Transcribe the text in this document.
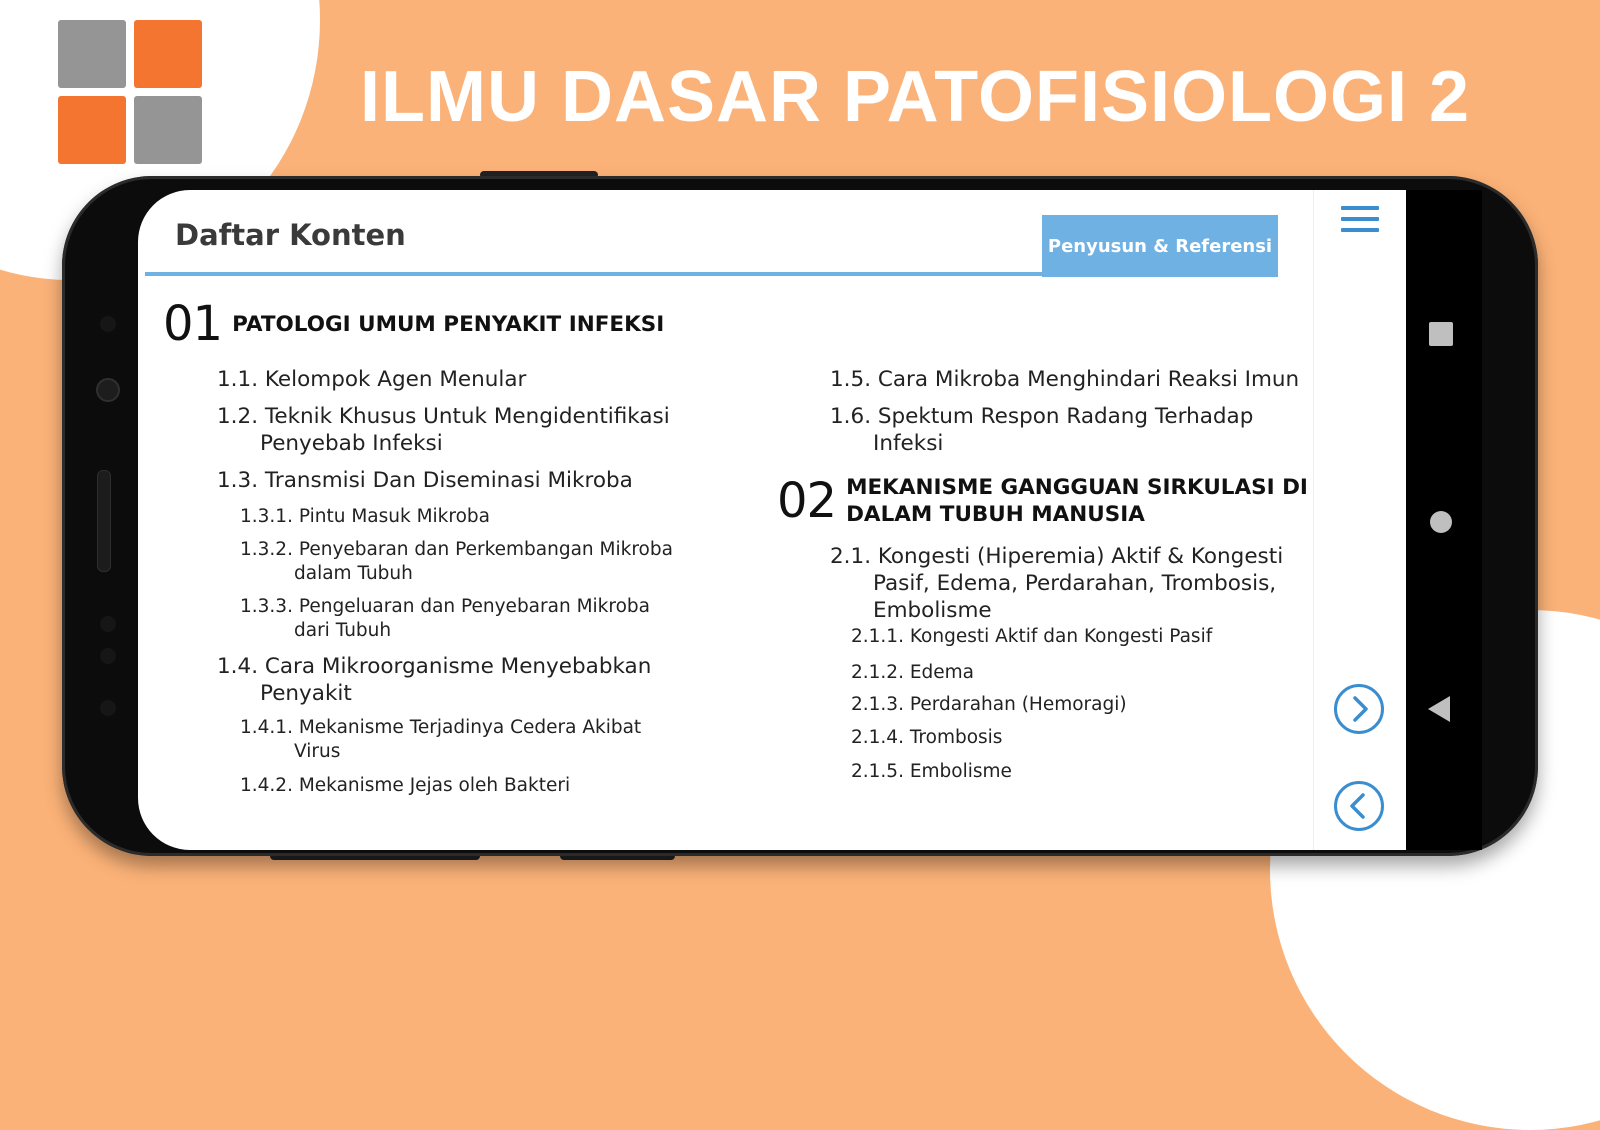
ILMU DASAR PATOFISIOLOGI 2
Daftar Konten	Penyusun & Referensi
01 PATOLOGI UMUM PENYAKIT INFEKSI
1.1. Kelompok Agen Menular
1.2. Teknik Khusus Untuk Mengidentifikasi
Penyebab Infeksi
1.3. Transmisi Dan Diseminasi Mikroba
1.3.1. Pintu Masuk Mikroba
1.3.2. Penyebaran dan Perkembangan Mikroba
dalam Tubuh
1.3.3. Pengeluaran dan Penyebaran Mikroba
dari Tubuh
1.4. Cara Mikroorganisme Menyebabkan
Penyakit
1.4.1. Mekanisme Terjadinya Cedera Akibat
Virus
1.4.2. Mekanisme Jejas oleh Bakteri
1.5. Cara Mikroba Menghindari Reaksi Imun
1.6. Spektum Respon Radang Terhadap
Infeksi
02 MEKANISME GANGGUAN SIRKULASI DI
DALAM TUBUH MANUSIA
2.1. Kongesti (Hiperemia) Aktif & Kongesti
Pasif, Edema, Perdarahan, Trombosis,
Embolisme
2.1.1. Kongesti Aktif dan Kongesti Pasif
2.1.2. Edema
2.1.3. Perdarahan (Hemoragi)
2.1.4. Trombosis
2.1.5. Embolisme
